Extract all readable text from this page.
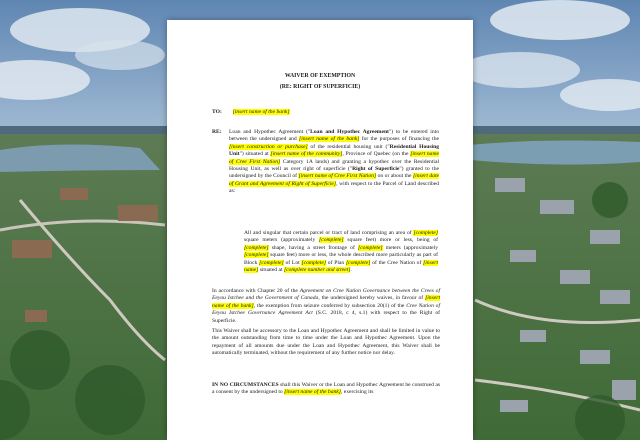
WAIVER OF EXEMPTION
(RE: RIGHT OF SUPERFICIE)
TO: [insert name of the bank]
RE: Loan and Hypothec Agreement ("Loan and Hypothec Agreement") to be entered into between the undersigned and [insert name of the bank] for the purposes of financing the [insert construction or purchase] of the residential housing unit ("Residential Housing Unit") situated at [insert name of the community], Province of Quebec (on the [insert name of Cree First Nation] Category 1A lands) and granting a hypothec over the Residential Housing Unit, as well as over right of superficie ("Right of Superficie") granted to the undersigned by the Council of [insert name of Cree First Nation] on or about the [insert date of Grant and Agreement of Right of Superficie], with respect to the Parcel of Land described as:
All and singular that certain parcel or tract of land comprising an area of [complete] square meters (approximately [complete] square feet) more or less, being of [complete] shape, having a street frontage of [complete] meters (approximately [complete] square feet) more or less, the whole described more particularly as part of Block [complete] of Lot [complete] of Plan [complete] of the Cree Nation of [insert name] situated at [complete number and street].
In accordance with Chapter 20 of the Agreement on Cree Nation Governance between the Crees of Eeyou Istchee and the Government of Canada, the undersigned hereby waives, in favour of [insert name of the bank], the exemption from seizure conferred by subsection 20(1) of the Cree Nation of Eeyou Istchee Governance Agreement Act (S.C. 2018, c 4, s.1) with respect to the Right of Superficie.
This Waiver shall be accessory to the Loan and Hypothec Agreement and shall be limited in value to the amount outstanding from time to time under the Loan and Hypothec Agreement. Upon the repayment of all amounts due under the Loan and Hypothec Agreement, this Waiver shall be automatically terminated, without the requirement of any further notice nor delay.
IN NO CIRCUMSTANCES shall this Waiver or the Loan and Hypothec Agreement be construed as a consent by the undersigned to [insert name of the bank], exercising its
